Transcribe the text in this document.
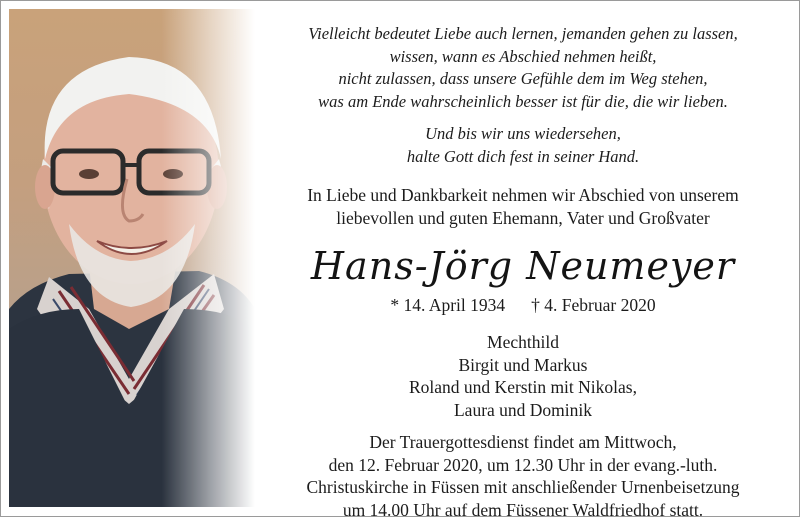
Vielleicht bedeutet Liebe auch lernen, jemanden gehen zu lassen,
wissen, wann es Abschied nehmen heißt,
nicht zulassen, dass unsere Gefühle dem im Weg stehen,
was am Ende wahrscheinlich besser ist für die, die wir lieben.
Und bis wir uns wiedersehen,
halte Gott dich fest in seiner Hand.
In Liebe und Dankbarkeit nehmen wir Abschied von unserem
liebevollen und guten Ehemann, Vater und Großvater
Hans-Jörg Neumeyer
* 14. April 1934 † 4. Februar 2020
Mechthild
Birgit und Markus
Roland und Kerstin mit Nikolas,
Laura und Dominik
Der Trauergottesdienst findet am Mittwoch,
den 12. Februar 2020, um 12.30 Uhr in der evang.-luth.
Christuskirche in Füssen mit anschließender Urnenbeisetzung
um 14.00 Uhr auf dem Füssener Waldfriedhof statt.
